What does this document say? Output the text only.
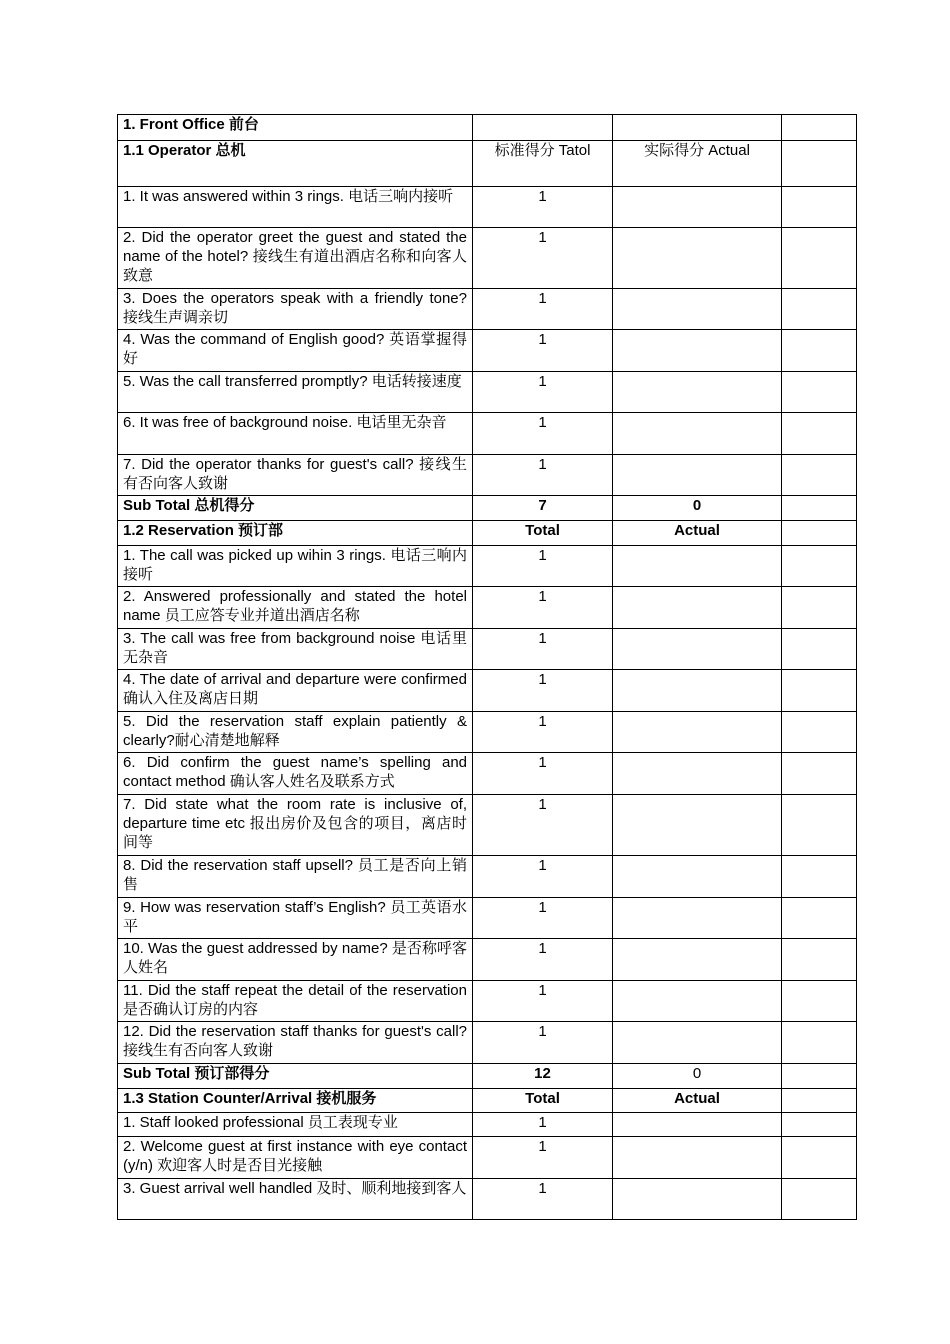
1. Front Office 前台			
1.1 Operator 总机	标准得分 Tatol	实际得分 Actual	
1. It was answered within 3 rings. 电话三响内接听	1		
2. Did the operator greet the guest and stated the name of the hotel? 接线生有道出酒店名称和向客人致意	1		
3. Does the operators speak with a friendly tone? 接线生声调亲切	1		
4. Was the command of English good? 英语掌握得好	1		
5. Was the call transferred promptly? 电话转接速度	1		
6. It was free of background noise. 电话里无杂音	1		
7. Did the operator thanks for guest's call? 接线生有否向客人致谢	1		
Sub Total 总机得分	7	0	
1.2 Reservation 预订部	Total	Actual	
1. The call was picked up wihin 3 rings. 电话三响内接听	1		
2. Answered professionally and stated the hotel name 员工应答专业并道出酒店名称	1		
3. The call was free from background noise 电话里无杂音	1		
4. The date of arrival and departure were confirmed 确认入住及离店日期	1		
5. Did the reservation staff explain patiently & clearly?耐心清楚地解释	1		
6. Did confirm the guest name’s spelling and contact method 确认客人姓名及联系方式	1		
7. Did state what the room rate is inclusive of, departure time etc 报出房价及包含的项目，离店时间等	1		
8. Did the reservation staff upsell? 员工是否向上销售	1		
9. How was reservation staff’s English? 员工英语水平	1		
10. Was the guest addressed by name? 是否称呼客人姓名	1		
11. Did the staff repeat the detail of the reservation 是否确认订房的内容	1		
12. Did the reservation staff thanks for guest's call? 接线生有否向客人致谢	1		
Sub Total 预订部得分	12	0	
1.3 Station Counter/Arrival 接机服务	Total	Actual	
1. Staff looked professional 员工表现专业	1		
2. Welcome guest at first instance with eye contact (y/n) 欢迎客人时是否目光接触	1		
3. Guest arrival well handled 及时、顺利地接到客人	1		
